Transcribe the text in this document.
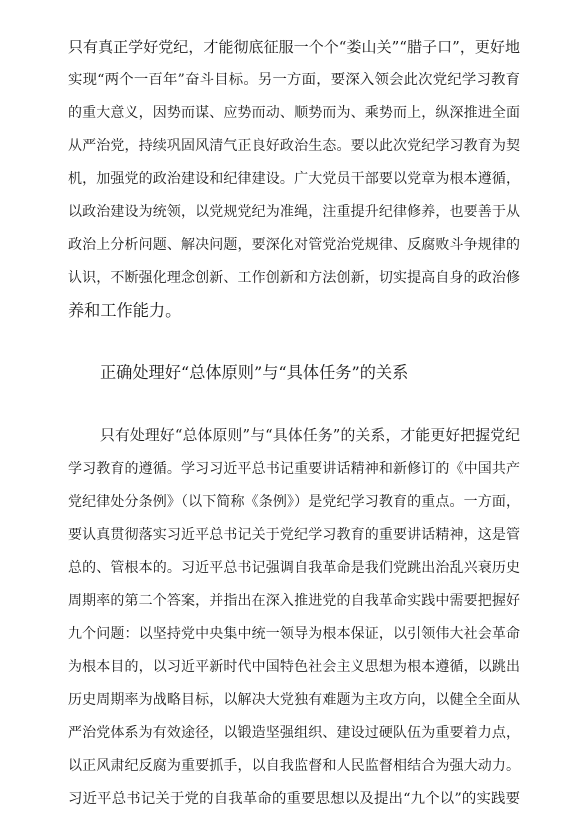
只有真正学好党纪，才能彻底征服一个个“娄山关”“腊子口”，更好地
实现“两个一百年”奋斗目标。另一方面，要深入领会此次党纪学习教育
的重大意义，因势而谋、应势而动、顺势而为、乘势而上，纵深推进全面
从严治党，持续巩固风清气正良好政治生态。要以此次党纪学习教育为契
机，加强党的政治建设和纪律建设。广大党员干部要以党章为根本遵循，
以政治建设为统领，以党规党纪为准绳，注重提升纪律修养，也要善于从
政治上分析问题、解决问题，要深化对管党治党规律、反腐败斗争规律的
认识，不断强化理念创新、工作创新和方法创新，切实提高自身的政治修
养和工作能力。
正确处理好“总体原则”与“具体任务”的关系
只有处理好“总体原则”与“具体任务”的关系，才能更好把握党纪
学习教育的遵循。学习习近平总书记重要讲话精神和新修订的《中国共产
党纪律处分条例》（以下简称《条例》）是党纪学习教育的重点。一方面，
要认真贯彻落实习近平总书记关于党纪学习教育的重要讲话精神，这是管
总的、管根本的。习近平总书记强调自我革命是我们党跳出治乱兴衰历史
周期率的第二个答案，并指出在深入推进党的自我革命实践中需要把握好
九个问题：以坚持党中央集中统一领导为根本保证，以引领伟大社会革命
为根本目的，以习近平新时代中国特色社会主义思想为根本遵循，以跳出
历史周期率为战略目标，以解决大党独有难题为主攻方向，以健全全面从
严治党体系为有效途径，以锻造坚强组织、建设过硬队伍为重要着力点，
以正风肃纪反腐为重要抓手，以自我监督和人民监督相结合为强大动力。
习近平总书记关于党的自我革命的重要思想以及提出“九个以”的实践要
